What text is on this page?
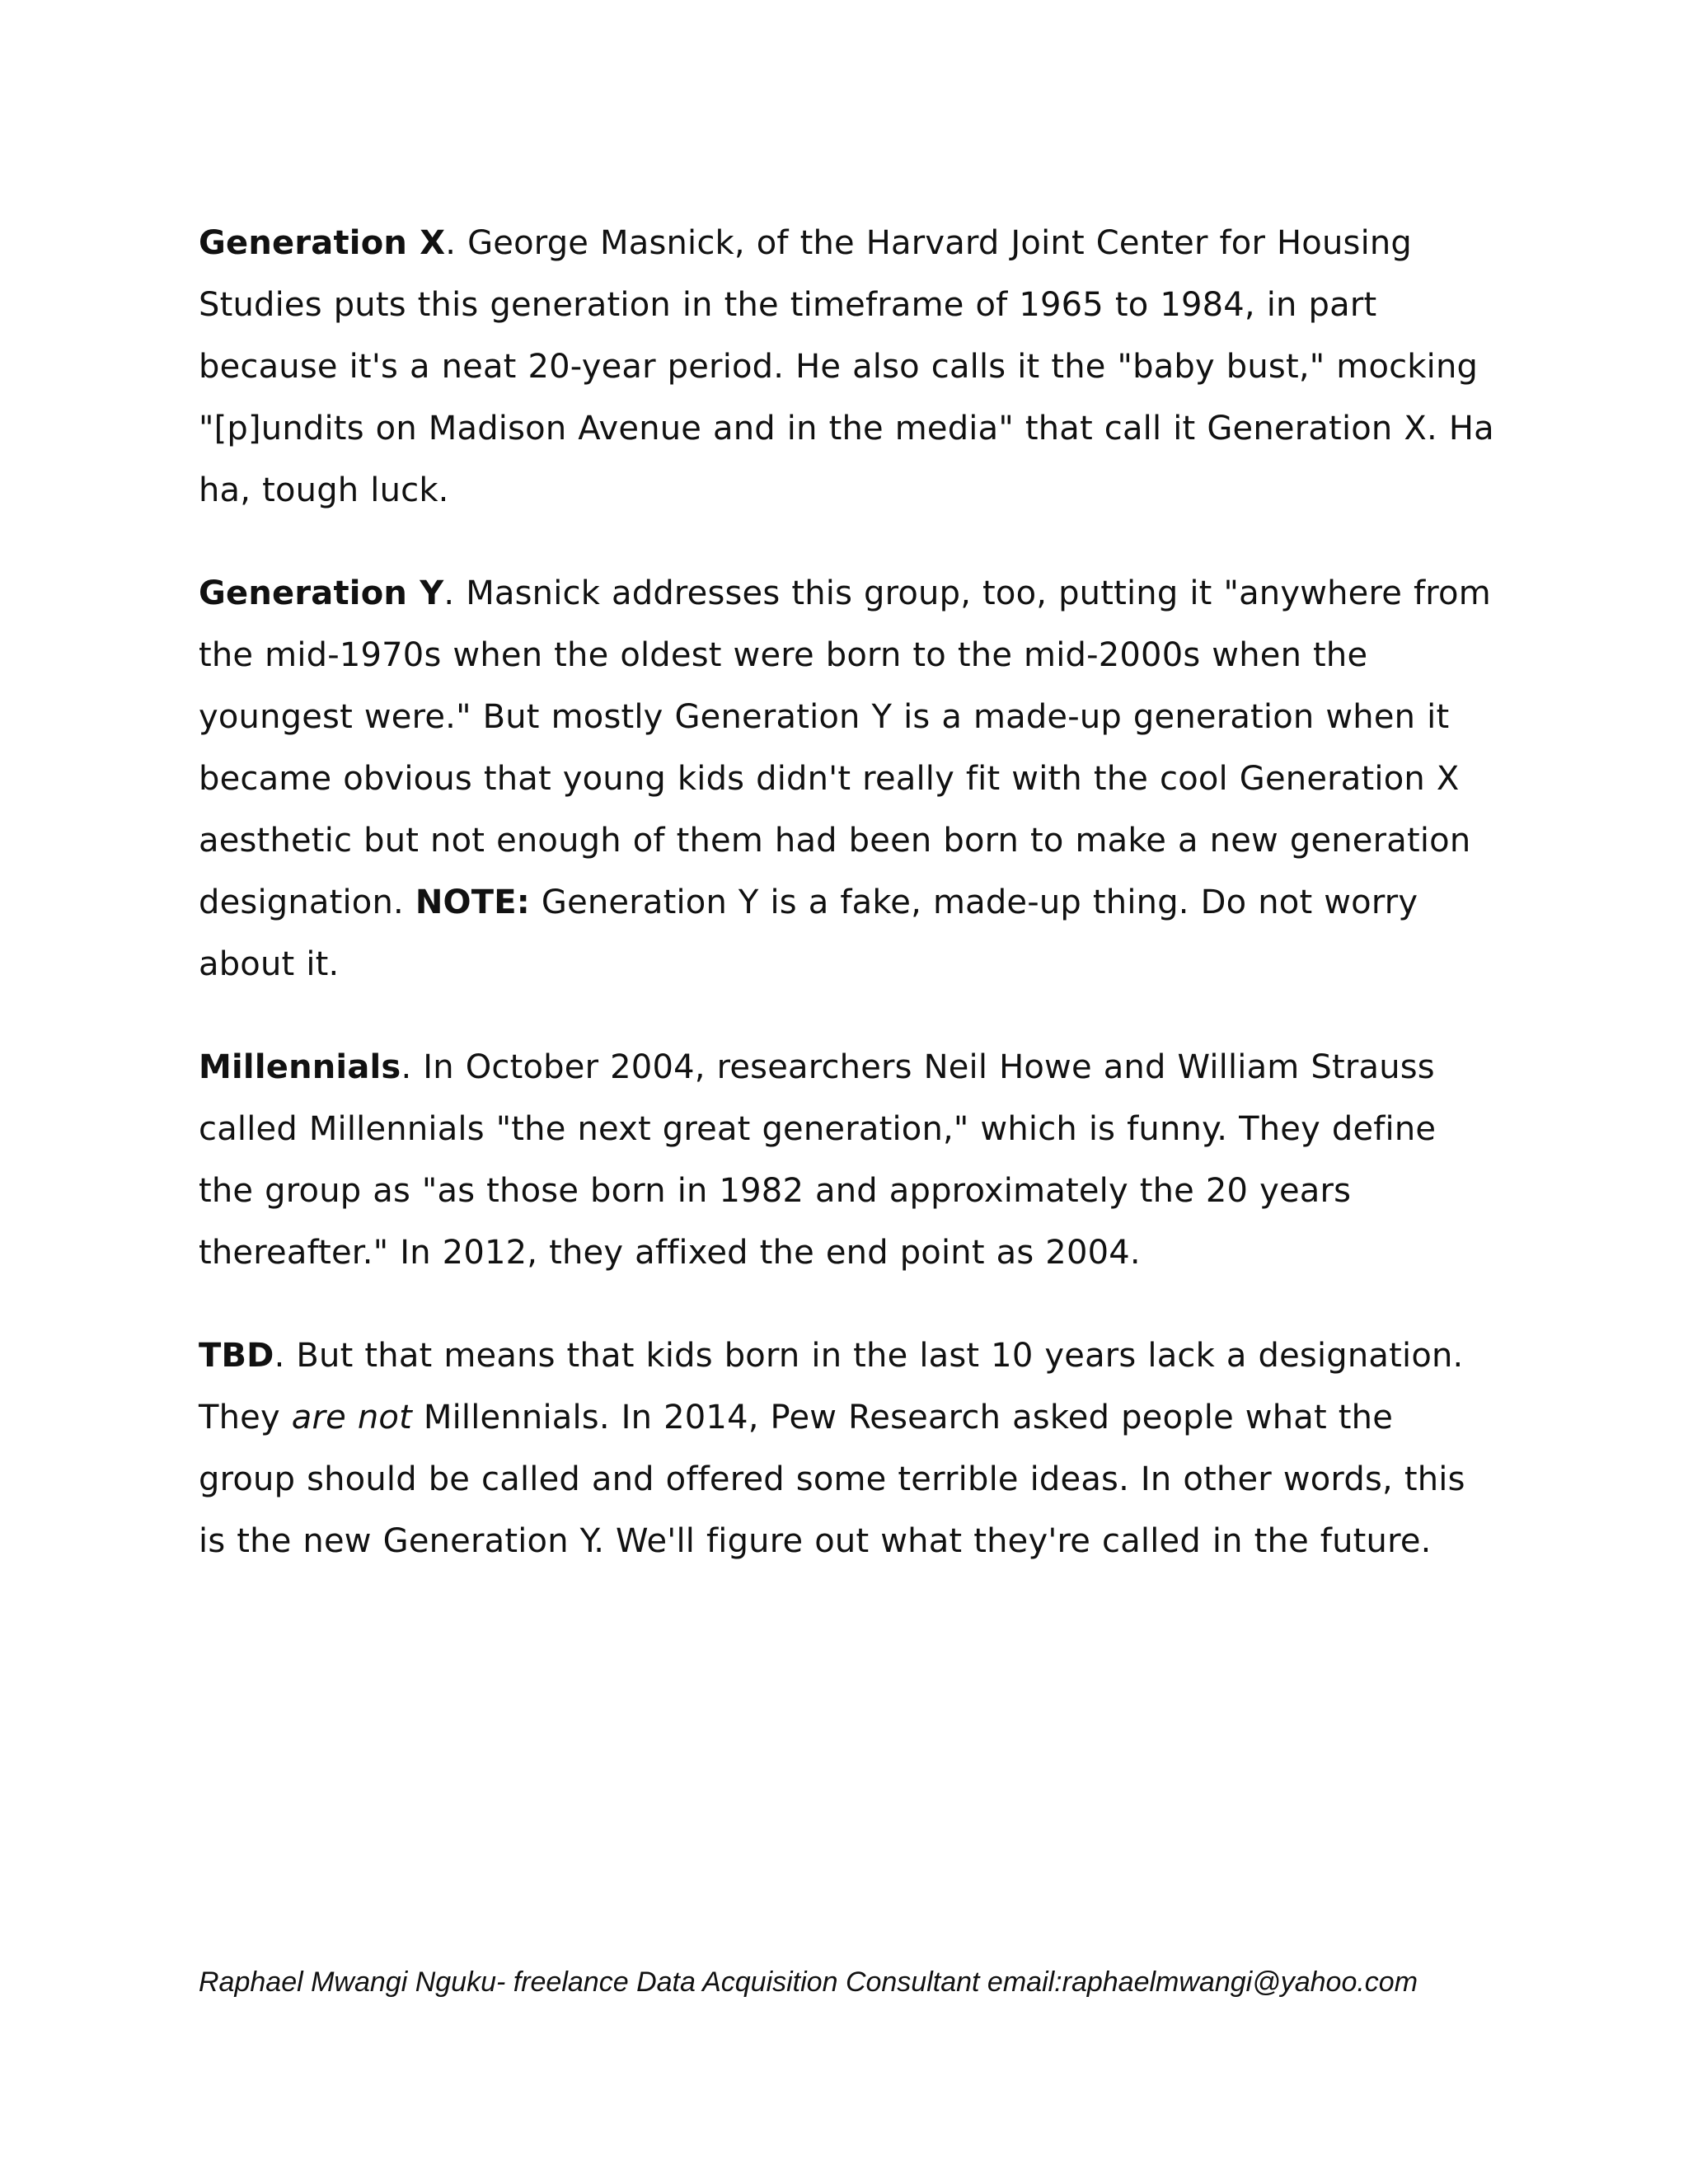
Generation X. George Masnick, of the Harvard Joint Center for Housing Studies puts this generation in the timeframe of 1965 to 1984, in part because it's a neat 20-year period. He also calls it the "baby bust," mocking "[p]undits on Madison Avenue and in the media" that call it Generation X. Ha ha, tough luck.

Generation Y. Masnick addresses this group, too, putting it "anywhere from the mid-1970s when the oldest were born to the mid-2000s when the youngest were." But mostly Generation Y is a made-up generation when it became obvious that young kids didn't really fit with the cool Generation X aesthetic but not enough of them had been born to make a new generation designation. NOTE: Generation Y is a fake, made-up thing. Do not worry about it.

Millennials. In October 2004, researchers Neil Howe and William Strauss called Millennials "the next great generation," which is funny. They define the group as "as those born in 1982 and approximately the 20 years thereafter." In 2012, they affixed the end point as 2004.

TBD. But that means that kids born in the last 10 years lack a designation. They are not Millennials. In 2014, Pew Research asked people what the group should be called and offered some terrible ideas. In other words, this is the new Generation Y. We'll figure out what they're called in the future.

Raphael Mwangi Nguku- freelance Data Acquisition Consultant email:raphaelmwangi@yahoo.com
